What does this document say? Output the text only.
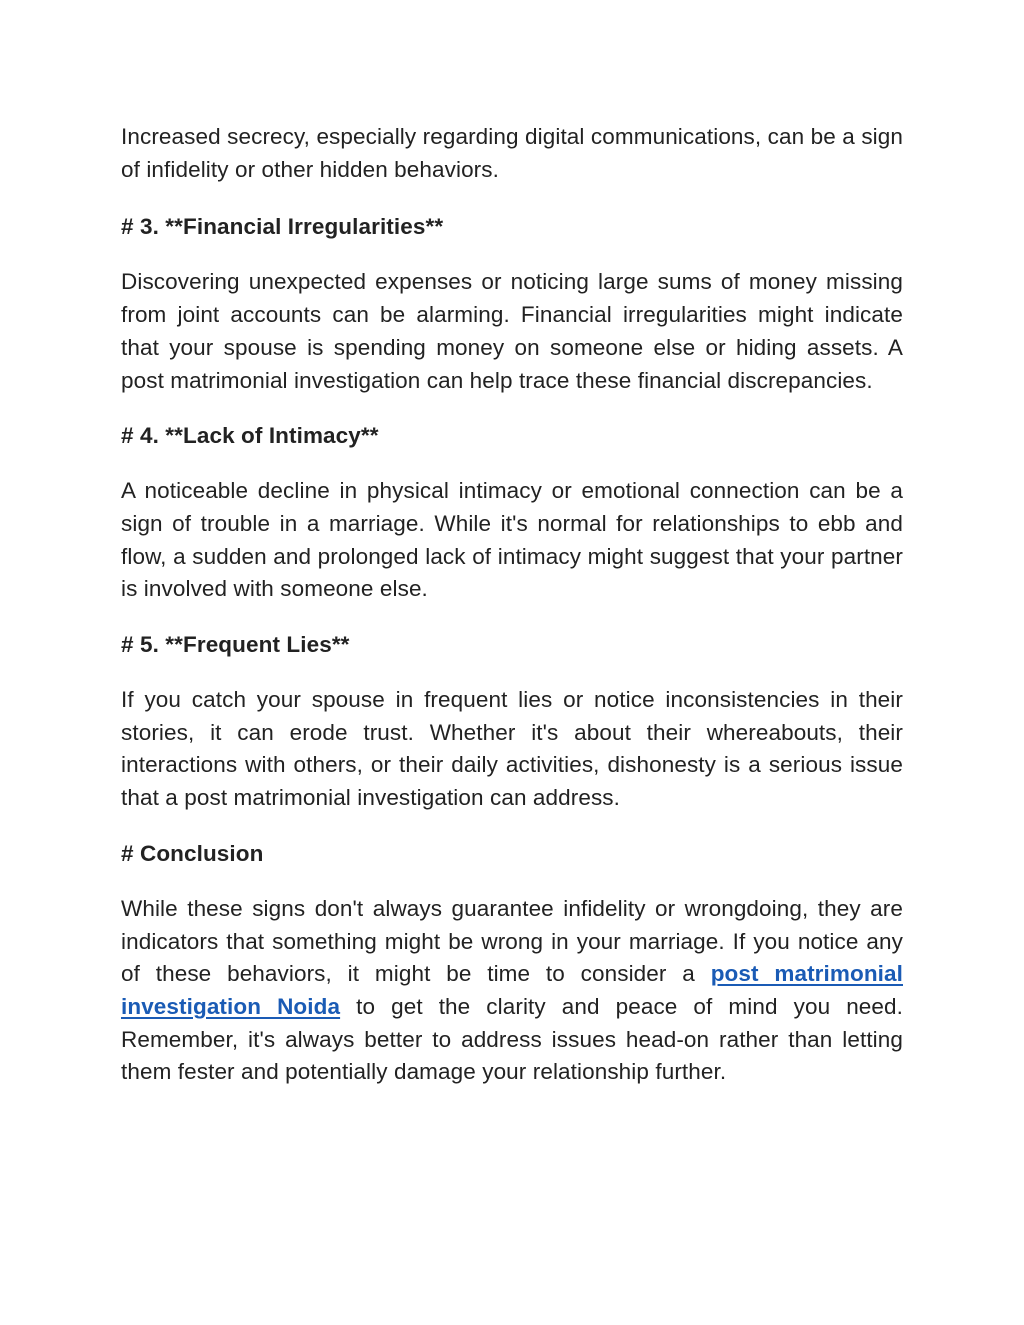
Increased secrecy, especially regarding digital communications, can be a sign of infidelity or other hidden behaviors.

# 3. **Financial Irregularities**

Discovering unexpected expenses or noticing large sums of money missing from joint accounts can be alarming. Financial irregularities might indicate that your spouse is spending money on someone else or hiding assets. A post matrimonial investigation can help trace these financial discrepancies.

# 4. **Lack of Intimacy**

A noticeable decline in physical intimacy or emotional connection can be a sign of trouble in a marriage. While it's normal for relationships to ebb and flow, a sudden and prolonged lack of intimacy might suggest that your partner is involved with someone else.

# 5. **Frequent Lies**

If you catch your spouse in frequent lies or notice inconsistencies in their stories, it can erode trust. Whether it's about their whereabouts, their interactions with others, or their daily activities, dishonesty is a serious issue that a post matrimonial investigation can address.

# Conclusion

While these signs don't always guarantee infidelity or wrongdoing, they are indicators that something might be wrong in your marriage. If you notice any of these behaviors, it might be time to consider a post matrimonial investigation Noida to get the clarity and peace of mind you need. Remember, it's always better to address issues head-on rather than letting them fester and potentially damage your relationship further.
